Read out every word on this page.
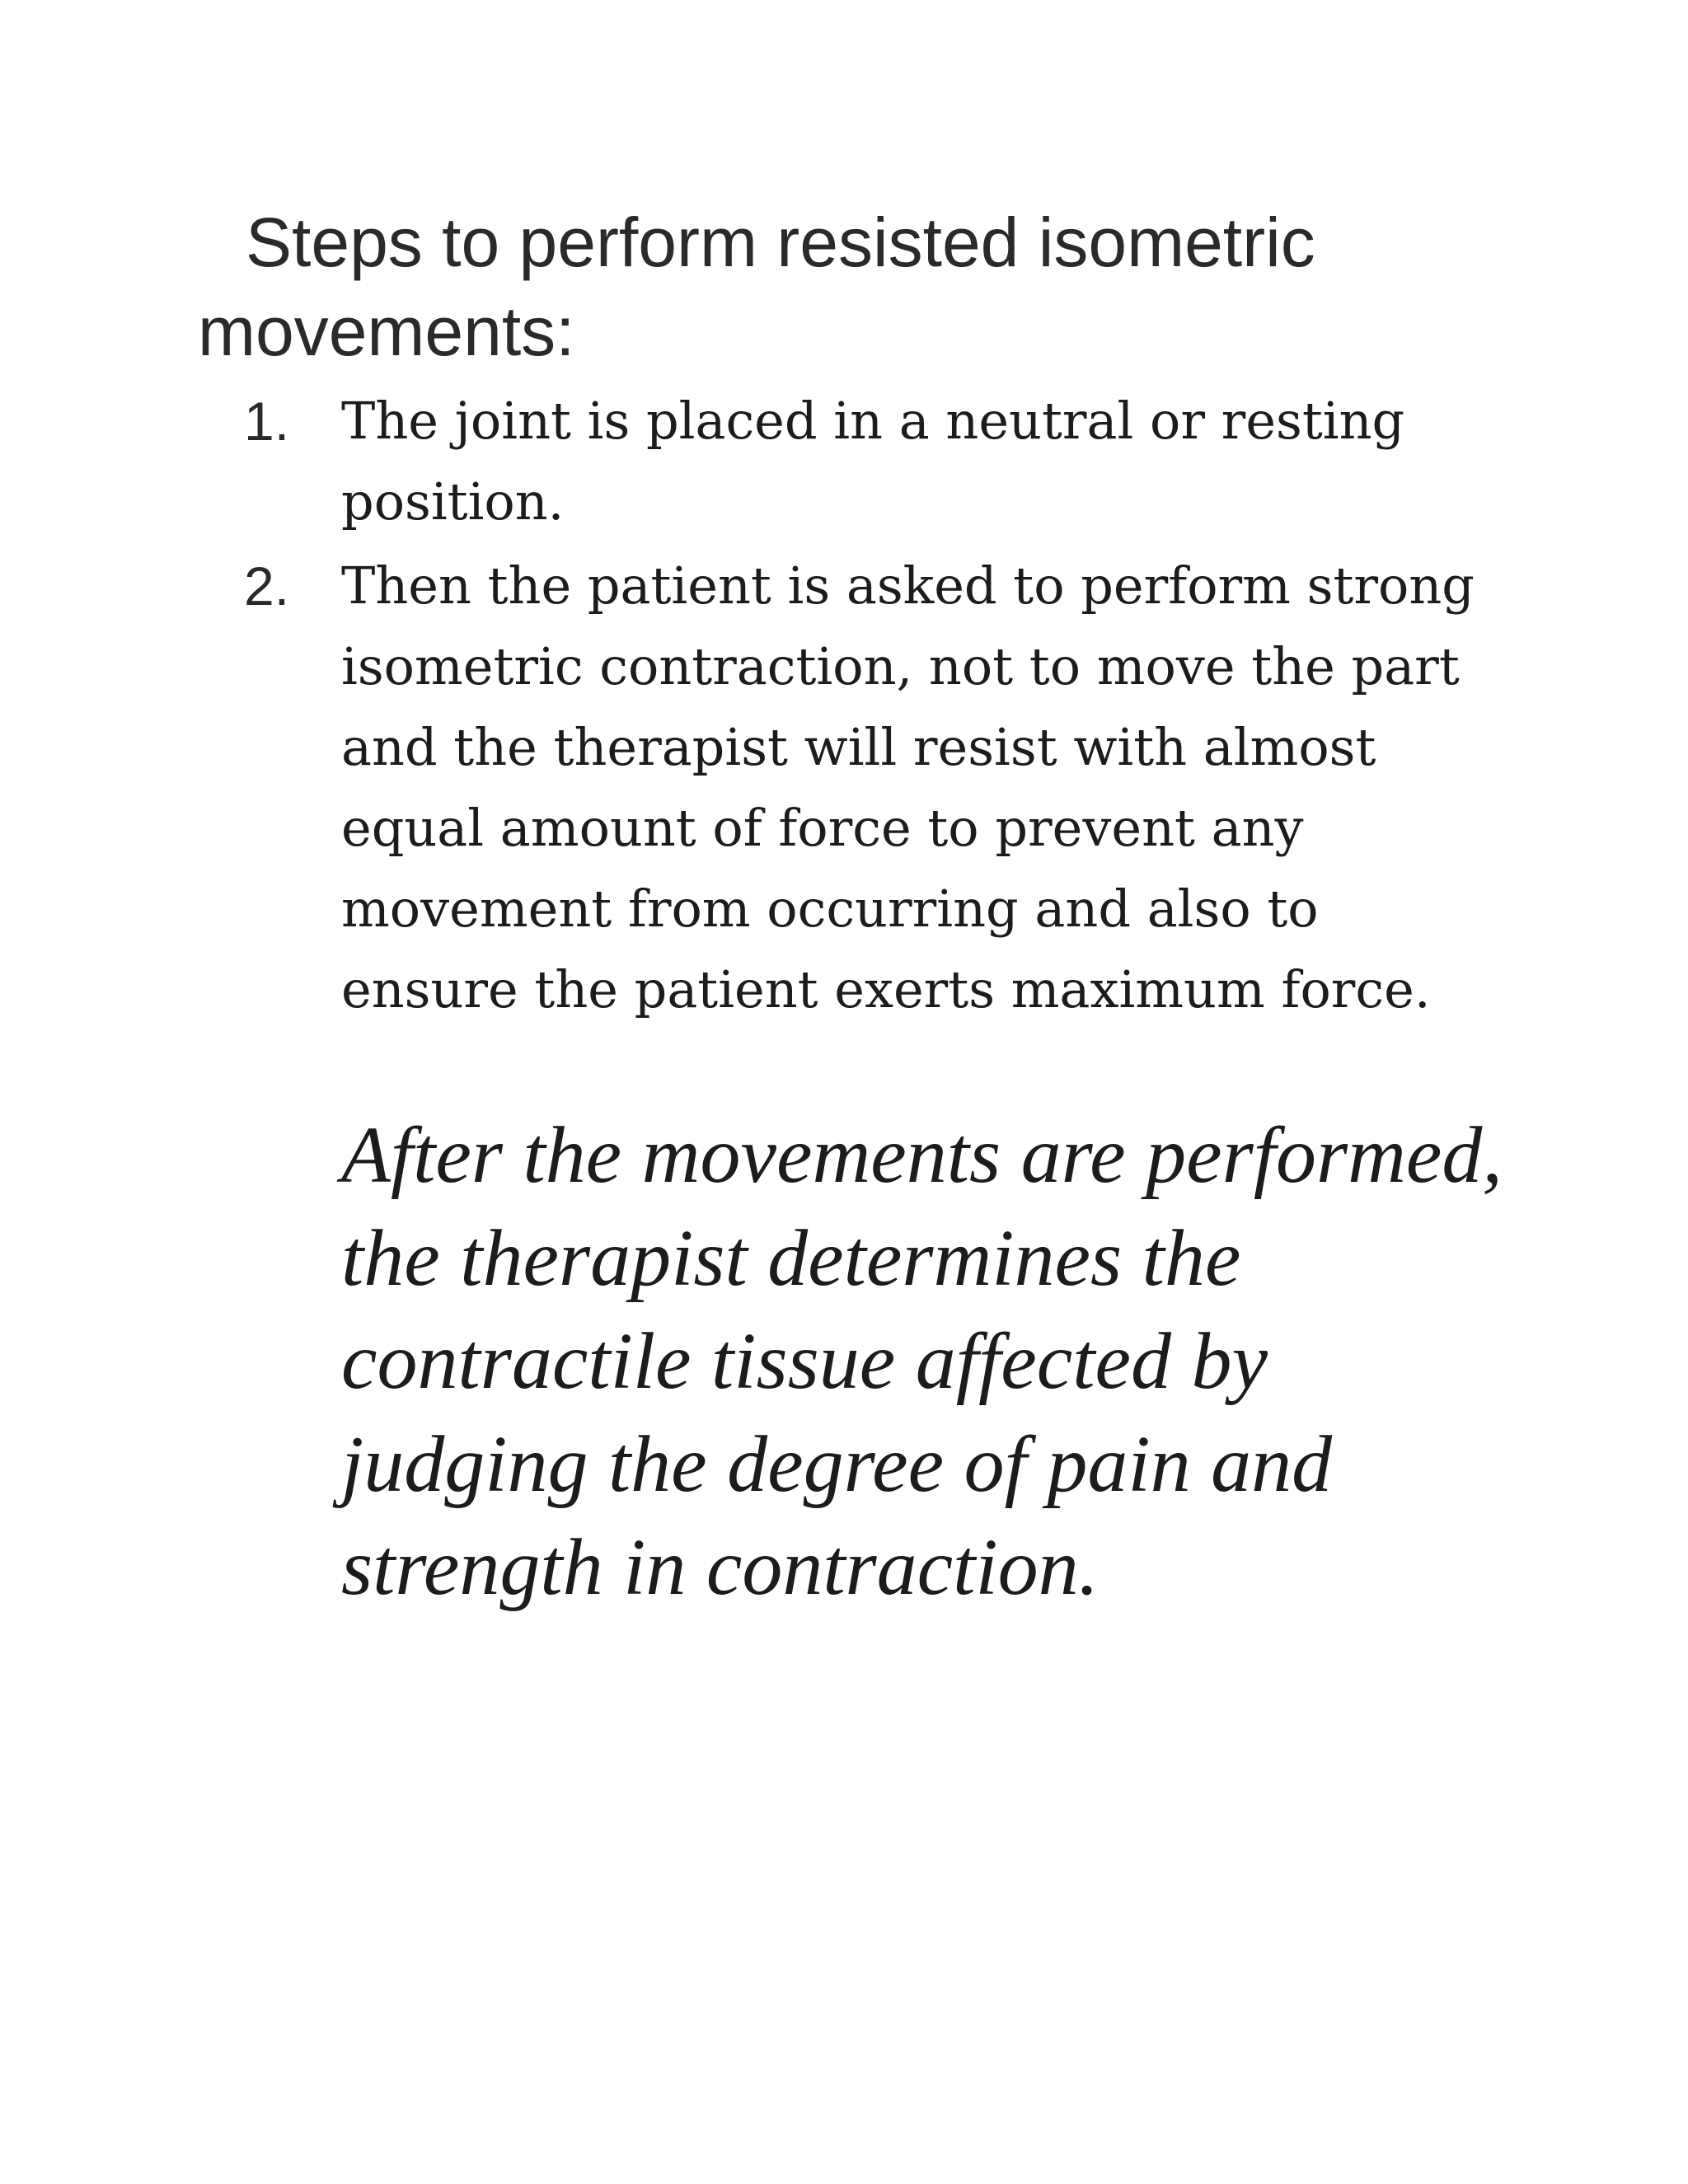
Steps to perform resisted isometric movements:
1. The joint is placed in a neutral or resting position.
2. Then the patient is asked to perform strong isometric contraction, not to move the part and the therapist will resist with almost equal amount of force to prevent any movement from occurring and also to ensure the patient exerts maximum force.

After the movements are performed, the therapist determines the contractile tissue affected by judging the degree of pain and strength in contraction.
